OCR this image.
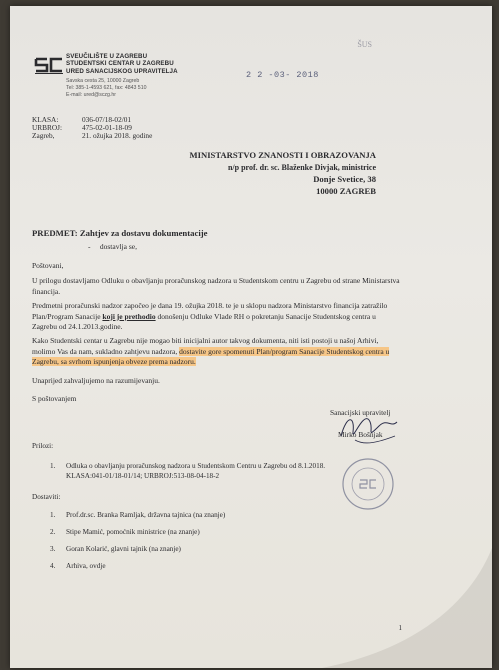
SVEUČILIŠTE U ZAGREBU
STUDENTSKI CENTAR U ZAGREBU
URED SANACIJSKOG UPRAVITELJA
Savska cesta 25, 10000 Zagreb
Tel: 385-1-4593 621, fax: 4843 510
E-mail: ured@sczg.hr
2 2 -03- 2018
ŠUS
KLASA:	036-07/18-02/01
URBROJ:	475-02-01-18-09
Zagreb,	21. ožujka 2018. godine
MINISTARSTVO ZNANOSTI I OBRAZOVANJA
n/p prof. dr. sc. Blaženke Divjak, ministrice
Donje Svetice, 38
10000 ZAGREB
PREDMET: Zahtjev za dostavu dokumentacije
- dostavlja se,
Poštovani,
U prilogu dostavljamo Odluku o obavljanju proračunskog nadzora u Studentskom centru u Zagrebu od strane Ministarstva financija.
Predmetni proračunski nadzor započeo je dana 19. ožujka 2018. te je u sklopu nadzora Ministarstvo financija zatražilo Plan/Program Sanacije koji je prethodio donošenju Odluke Vlade RH o pokretanju Sanacije Studentskog centra u Zagrebu od 24.1.2013.godine.
Kako Studentski centar u Zagrebu nije mogao biti inicijalni autor takvog dokumenta, niti isti postoji u našoj Arhivi, molimo Vas da nam, sukladno zahtjevu nadzora, dostavite gore spomenuti Plan/program Sanacije Studentskog centra u Zagrebu, sa svrhom ispunjenja obveze prema nadzoru.
Unaprijed zahvaljujemo na razumijevanju.
S poštovanjem
Sanacijski upravitelj
Mirko Bošnjak
Prilozi:
1. Odluka o obavljanju proračunskog nadzora u Studentskom Centru u Zagrebu od 8.1.2018.
KLASA:041-01/18-01/14; URBROJ:513-08-04-18-2
Dostaviti:
1. Prof.dr.sc. Branka Ramljak, državna tajnica (na znanje)
2. Stipe Mamić, pomoćnik ministrice (na znanje)
3. Goran Kolarić, glavni tajnik (na znanje)
4. Arhiva, ovdje
1
